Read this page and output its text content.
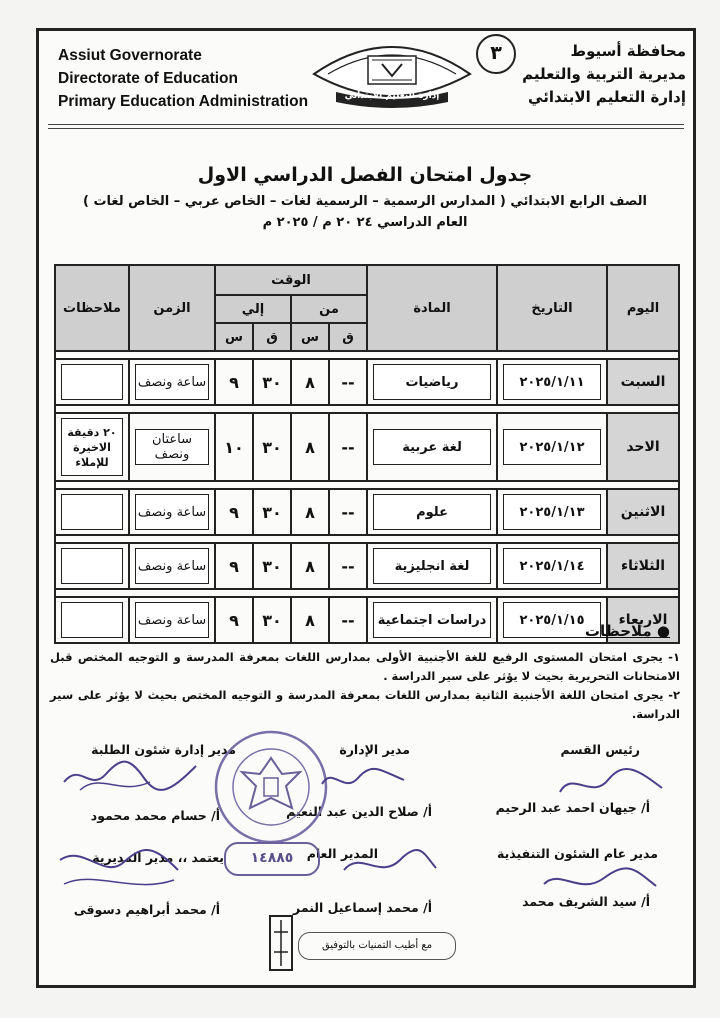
Assiut Governorate
Directorate of Education
Primary Education Administration
٣
إدارة التعليم الابتدائي
محافظة أسيوط
مديرية التربية والتعليم
إدارة التعليم الابتدائي
جدول امتحان الفصل الدراسي الاول
الصف الرابع الابتدائي ( المدارس الرسمية – الرسمية لغات – الخاص عربي – الخاص لغات )
العام الدراسي ٢٤ ٢٠ م / ٢٠٢٥ م
اليوم	التاريخ	المادة	الوقت				الزمن	ملاحظات
			من		إلي			
			ق	س	ق	س		

السبت	٢٠٢٥/١/١١	رياضيات	--	٨	٣٠	٩	ساعة ونصف	

الاحد	٢٠٢٥/١/١٢	لغة عربية	--	٨	٣٠	١٠	ساعتان ونصف	٢٠ دقيقة الاخيرة للإملاء

الاثنين	٢٠٢٥/١/١٣	علوم	--	٨	٣٠	٩	ساعة ونصف	

الثلاثاء	٢٠٢٥/١/١٤	لغة انجليزية	--	٨	٣٠	٩	ساعة ونصف	

الاربعاء	٢٠٢٥/١/١٥	دراسات اجتماعية	--	٨	٣٠	٩	ساعة ونصف	

● ملاحظات
١- يجرى امتحان المستوى الرفيع للغة الأجنبية الأولى بمدارس اللغات بمعرفة المدرسة و التوجيه المختص قبل الامتحانات التحريرية بحيث لا يؤثر على سير الدراسة .
٢- يجرى امتحان اللغة الأجنبية الثانية بمدارس اللغات بمعرفة المدرسة و التوجيه المختص بحيث لا يؤثر على سير الدراسة.
رئيس القسم
مدير الإدارة
مدير إدارة شئون الطلبة
أ/ جيهان احمد عبد الرحيم
أ/ صلاح الدين عبد النعيم
أ/ حسام محمد محمود
مدير عام الشئون التنفيذية
المدير العام
يعتمد ،، مدير المديرية
أ/ سيد الشريف محمد
أ/ محمد إسماعيل النمر
أ/ محمد أبراهيم دسوقى
١٤٨٨٥
مع أطيب التمنيات بالتوفيق
